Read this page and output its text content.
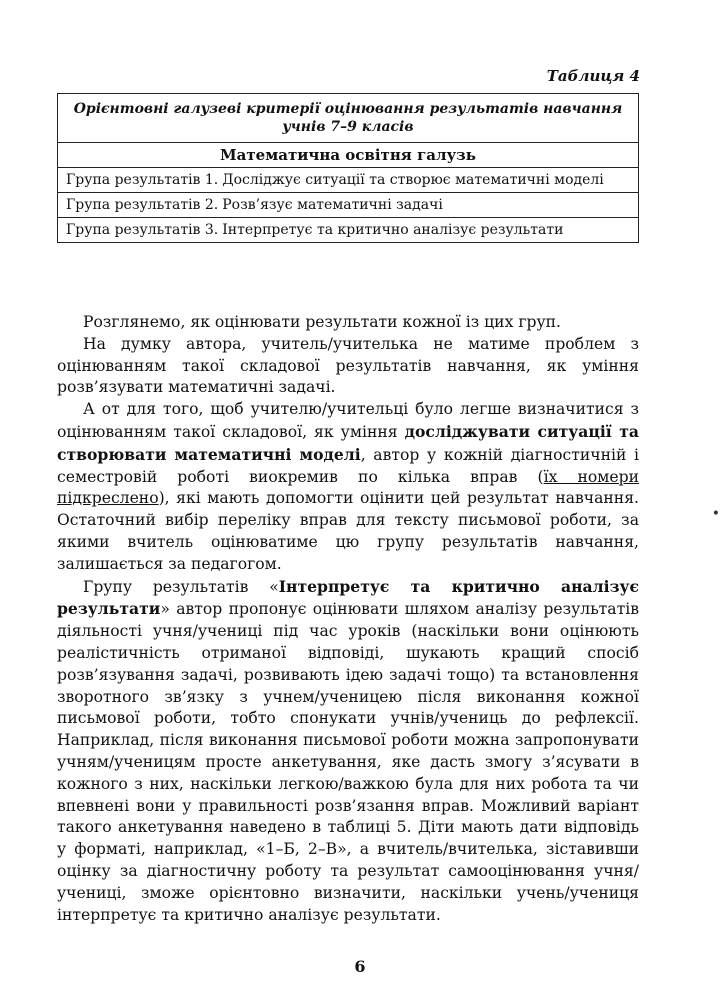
Таблиця 4
Орієнтовні галузеві критерії оцінювання результатів навчання учнів 7–9 класів
Математична освітня галузь

Група результатів 1. Досліджує ситуації та створює математичні моделі

Група результатів 2. Розв’язує математичні задачі

Група результатів 3. Інтерпретує та критично аналізує результати

Розглянемо, як оцінювати результати кожної із цих груп.

На думку автора, учитель/учителька не матиме проблем з оцінюванням такої складової результатів навчання, як уміння розв’язувати математичні задачі.

А от для того, щоб учителю/учительці було легше визначитися з оцінюванням такої складової, як уміння досліджувати ситуації та створювати математичні моделі, автор у кожній діагностичній і семестровій роботі виокремив по кілька вправ (їх номери підкреслено), які мають допомогти оцінити цей результат навчання. Остаточний вибір переліку вправ для тексту письмової роботи, за якими вчитель оцінюватиме цю групу результатів навчання, залишається за педагогом.

Групу результатів «Інтерпретує та критично аналізує результати» автор пропонує оцінювати шляхом аналізу результатів діяльності учня/учениці під час уроків (наскільки вони оцінюють реалістичність отриманої відповіді, шукають кращий спосіб розв’язування задачі, розвивають ідею задачі тощо) та встановлення зворотного зв’язку з учнем/ученицею після виконання кожної письмової роботи, тобто спонукати учнів/учениць до рефлексії. Наприклад, після виконання письмової роботи можна запропонувати учням/ученицям просте анкетування, яке дасть змогу з’ясувати в кожного з них, наскільки легкою/важкою була для них робота та чи впевнені вони у правильності розв’язання вправ. Можливий варіант такого анкетування наведено в таблиці 5. Діти мають дати відповідь у форматі, наприклад, «1–Б, 2–В», а вчитель/вчителька, зіставивши оцінку за діагностичну роботу та результат самооцінювання учня/учениці, зможе орієнтовно визначити, наскільки учень/учениця інтерпретує та критично аналізує результати.

6
•
